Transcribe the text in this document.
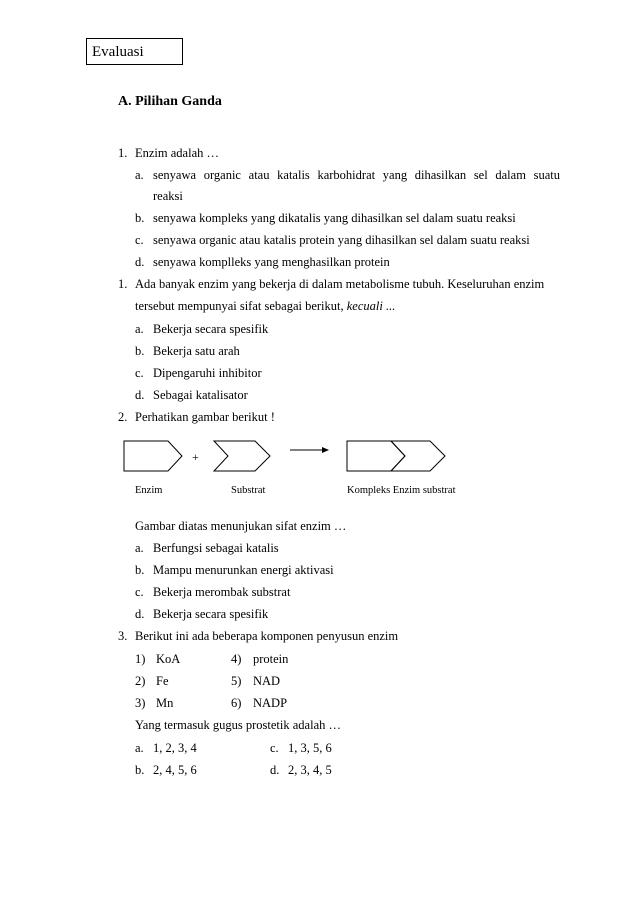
Evaluasi
A. Pilihan Ganda
1. Enzim adalah …
a. senyawa organic atau katalis karbohidrat yang dihasilkan sel dalam suatu
reaksi
b. senyawa kompleks yang dikatalis yang dihasilkan sel dalam suatu reaksi
c. senyawa organic atau katalis protein yang dihasilkan sel dalam suatu reaksi
d. senyawa komplleks yang menghasilkan protein
1. Ada banyak enzim yang bekerja di dalam metabolisme tubuh. Keseluruhan enzim
tersebut mempunyai sifat sebagai berikut, kecuali ...
a. Bekerja secara spesifik
b. Bekerja satu arah
c. Dipengaruhi inhibitor
d. Sebagai katalisator
2. Perhatikan gambar berikut !
+
Enzim	Substrat	Kompleks Enzim substrat
Gambar diatas menunjukan sifat enzim …
a. Berfungsi sebagai katalis
b. Mampu menurunkan energi aktivasi
c. Bekerja merombak substrat
d. Bekerja secara spesifik
3. Berikut ini ada beberapa komponen penyusun enzim
1) KoA	4) protein
2) Fe	5) NAD
3) Mn	6) NADP
Yang termasuk gugus prostetik adalah …
a. 1, 2, 3, 4	c. 1, 3, 5, 6
b. 2, 4, 5, 6	d. 2, 3, 4, 5
